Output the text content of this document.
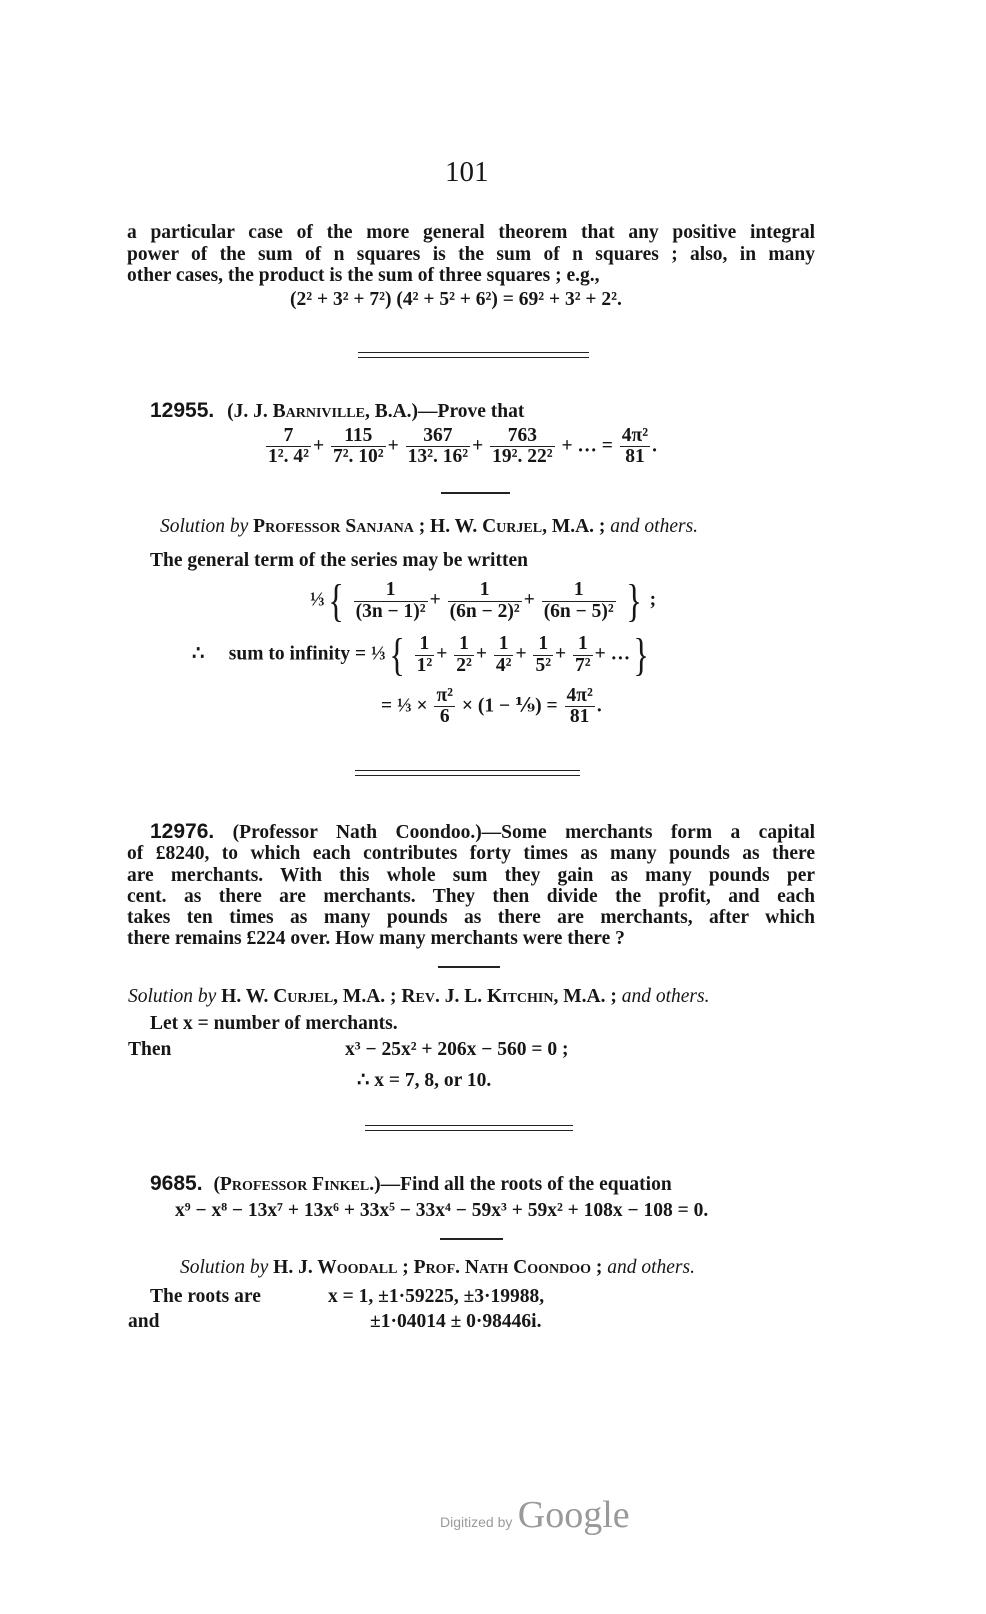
101
a particular case of the more general theorem that any positive integral
power of the sum of n squares is the sum of n squares ; also, in many
other cases, the product is the sum of three squares ; e.g.,
(2² + 3² + 7²) (4² + 5² + 6²) = 69² + 3² + 2².
12955. (J. J. Barniville, B.A.)—Prove that
$\frac{7}{\text{1². 4²}} + \frac{115}{\text{7². 10²}} + \frac{367}{\text{13². 16²}} + \frac{763}{\text{19². 22²}}$ + … = $\frac{\text{4π²}}{81}$ .
Solution by Professor Sanjana ; H. W. Curjel, M.A. ; and others.
The general term of the series may be written
⅓{ $\frac{1}{\text{(3n − 1)²}} + \frac{1}{\text{(6n − 2)²}} + \frac{1}{\text{(6n − 5)²}}$ } ;
∴ sum to infinity = ⅓{ $\frac{1}{\text{1²}} + \frac{1}{\text{2²}} + \frac{1}{\text{4²}} + \frac{1}{\text{5²}} + \frac{1}{\text{7²}}$ + …}
= ⅓ × $\frac{\text{π²}}{6} \times (1$ − ⅑) = $\frac{\text{4π²}}{81}$ .
12976. (Professor Nath Coondoo.)—Some merchants form a capital
of £8240, to which each contributes forty times as many pounds as there
are merchants. With this whole sum they gain as many pounds per
cent. as there are merchants. They then divide the profit, and each
takes ten times as many pounds as there are merchants, after which
there remains £224 over. How many merchants were there ?
Solution by H. W. Curjel, M.A. ; Rev. J. L. Kitchin, M.A. ; and others.
Let x = number of merchants.
Then	x³ − 25x² + 206x − 560 = 0 ;
∴ x = 7, 8, or 10.
9685. (Professor Finkel.)—Find all the roots of the equation
x⁹ − x⁸ − 13x⁷ + 13x⁶ + 33x⁵ − 33x⁴ − 59x³ + 59x² + 108x − 108 = 0.
Solution by H. J. Woodall ; Prof. Nath Coondoo ; and others.
The roots are	x = 1, ±1·59225, ±3·19988,
and	±1·04014 ± 0·98446i.
Digitized by Google
